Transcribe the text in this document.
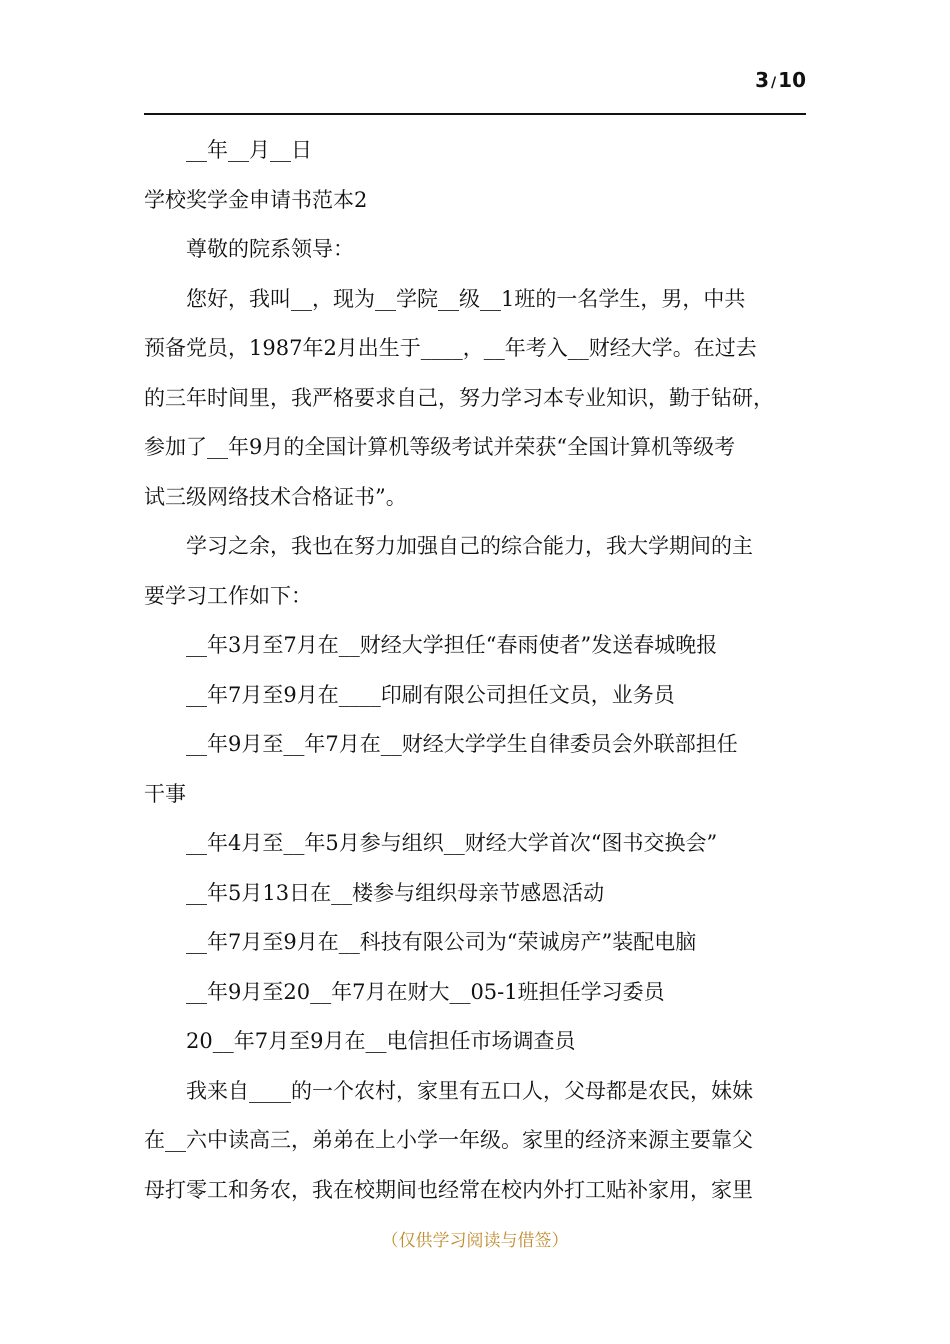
3 / 10

　　__年__月__日

学校奖学金申请书范本2

　　尊敬的院系领导：

　　您好，我叫__，现为__学院__级__1班的一名学生，男，中共

预备党员，1987年2月出生于____，__年考入__财经大学。在过去

的三年时间里，我严格要求自己，努力学习本专业知识，勤于钻研，

参加了__年9月的全国计算机等级考试并荣获“全国计算机等级考

试三级网络技术合格证书”。

　　学习之余，我也在努力加强自己的综合能力，我大学期间的主

要学习工作如下：

　　__年3月至7月在__财经大学担任“春雨使者”发送春城晚报

　　__年7月至9月在____印刷有限公司担任文员，业务员

　　__年9月至__年7月在__财经大学学生自律委员会外联部担任

干事

　　__年4月至__年5月参与组织__财经大学首次“图书交换会”

　　__年5月13日在__楼参与组织母亲节感恩活动

　　__年7月至9月在__科技有限公司为“荣诚房产”装配电脑

　　__年9月至20__年7月在财大__05-1班担任学习委员

　　20__年7月至9月在__电信担任市场调查员

　　我来自____的一个农村，家里有五口人，父母都是农民，妹妹

在__六中读高三，弟弟在上小学一年级。家里的经济来源主要靠父

母打零工和务农，我在校期间也经常在校内外打工贴补家用，家里

（仅供学习阅读与借签）
